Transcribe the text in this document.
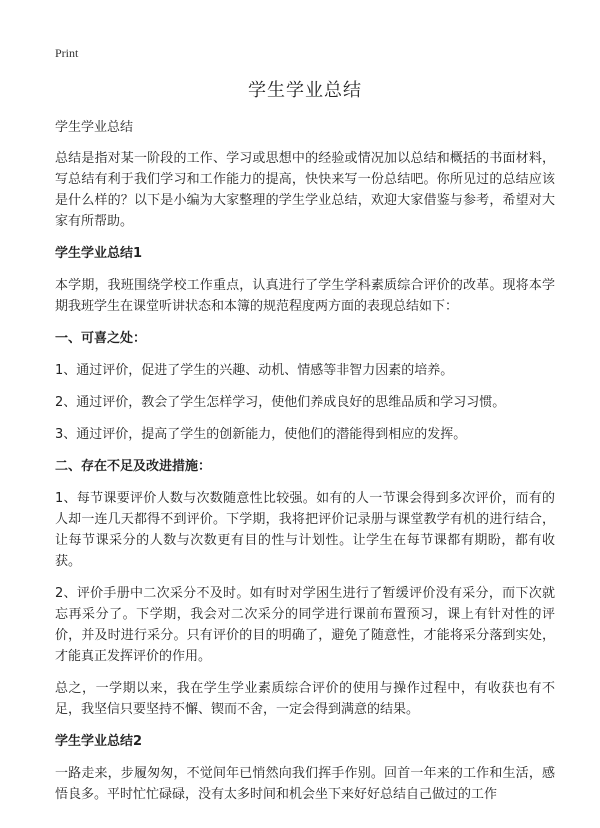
Print
学生学业总结
学生学业总结

总结是指对某一阶段的工作、学习或思想中的经验或情况加以总结和概括的书面材料，写总结有利于我们学习和工作能力的提高，快快来写一份总结吧。你所见过的总结应该是什么样的？以下是小编为大家整理的学生学业总结，欢迎大家借鉴与参考，希望对大家有所帮助。

学生学业总结1

本学期，我班围绕学校工作重点，认真进行了学生学科素质综合评价的改革。现将本学期我班学生在课堂听讲状态和本簿的规范程度两方面的表现总结如下：

一、可喜之处：

1、通过评价，促进了学生的兴趣、动机、情感等非智力因素的培养。

2、通过评价，教会了学生怎样学习，使他们养成良好的思维品质和学习习惯。

3、通过评价，提高了学生的创新能力，使他们的潜能得到相应的发挥。

二、存在不足及改进措施：

1、每节课要评价人数与次数随意性比较强。如有的人一节课会得到多次评价，而有的人却一连几天都得不到评价。下学期，我将把评价记录册与课堂教学有机的进行结合，让每节课采分的人数与次数更有目的性与计划性。让学生在每节课都有期盼，都有收获。

2、评价手册中二次采分不及时。如有时对学困生进行了暂缓评价没有采分，而下次就忘再采分了。下学期，我会对二次采分的同学进行课前布置预习，课上有针对性的评价，并及时进行采分。只有评价的目的明确了，避免了随意性，才能将采分落到实处，才能真正发挥评价的作用。

总之，一学期以来，我在学生学业素质综合评价的使用与操作过程中，有收获也有不足，我坚信只要坚持不懈、锲而不舍，一定会得到满意的结果。

学生学业总结2

一路走来，步履匆匆，不觉间年已悄然向我们挥手作别。回首一年来的工作和生活，感悟良多。平时忙忙碌碌，没有太多时间和机会坐下来好好总结自己做过的工作
